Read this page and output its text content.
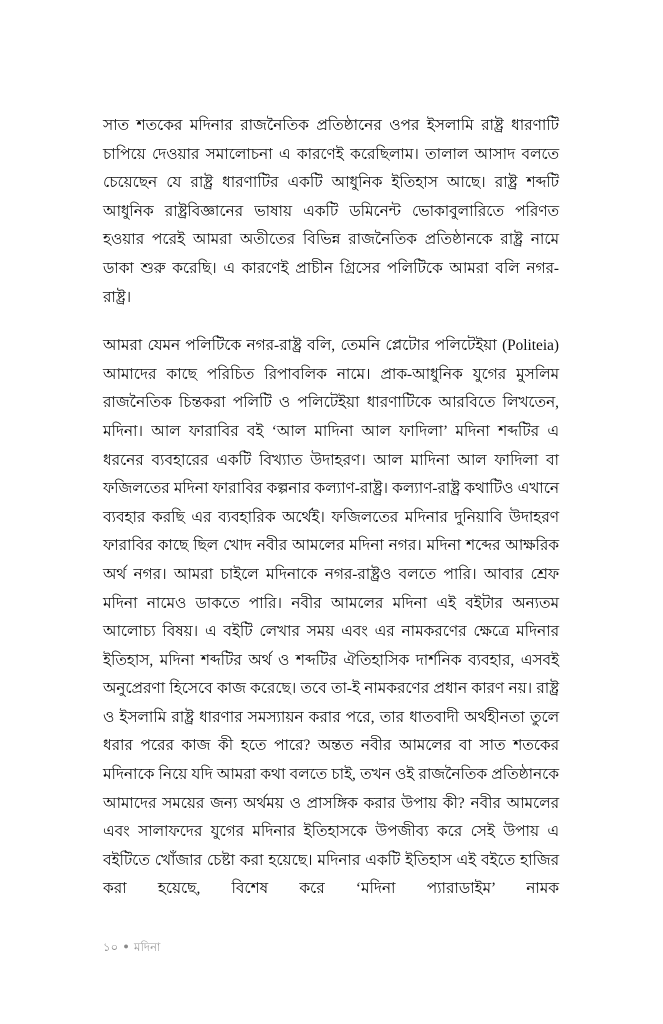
সাত শতকের মদিনার রাজনৈতিক প্রতিষ্ঠানের ওপর ইসলামি রাষ্ট্র ধারণাটি চাপিয়ে দেওয়ার সমালোচনা এ কারণেই করেছিলাম। তালাল আসাদ বলতে চেয়েছেন যে রাষ্ট্র ধারণাটির একটি আধুনিক ইতিহাস আছে। রাষ্ট্র শব্দটি আধুনিক রাষ্ট্রবিজ্ঞানের ভাষায় একটি ডমিনেন্ট ভোকাবুলারিতে পরিণত হওয়ার পরেই আমরা অতীতের বিভিন্ন রাজনৈতিক প্রতিষ্ঠানকে রাষ্ট্র নামে ডাকা শুরু করেছি। এ কারণেই প্রাচীন গ্রিসের পলিটিকে আমরা বলি নগর-রাষ্ট্র।

আমরা যেমন পলিটিকে নগর-রাষ্ট্র বলি, তেমনি প্লেটোর পলিটেইয়া (Politeia) আমাদের কাছে পরিচিত রিপাবলিক নামে। প্রাক-আধুনিক যুগের মুসলিম রাজনৈতিক চিন্তকরা পলিটি ও পলিটেইয়া ধারণাটিকে আরবিতে লিখতেন, মদিনা। আল ফারাবির বই ‘আল মাদিনা আল ফাদিলা’ মদিনা শব্দটির এ ধরনের ব্যবহারের একটি বিখ্যাত উদাহরণ। আল মাদিনা আল ফাদিলা বা ফজিলতের মদিনা ফারাবির কল্পনার কল্যাণ-রাষ্ট্র। কল্যাণ-রাষ্ট্র কথাটিও এখানে ব্যবহার করছি এর ব্যবহারিক অর্থেই। ফজিলতের মদিনার দুনিয়াবি উদাহরণ ফারাবির কাছে ছিল খোদ নবীর আমলের মদিনা নগর। মদিনা শব্দের আক্ষরিক অর্থ নগর। আমরা চাইলে মদিনাকে নগর-রাষ্ট্রও বলতে পারি। আবার শ্রেফ মদিনা নামেও ডাকতে পারি। নবীর আমলের মদিনা এই বইটার অন্যতম আলোচ্য বিষয়। এ বইটি লেখার সময় এবং এর নামকরণের ক্ষেত্রে মদিনার ইতিহাস, মদিনা শব্দটির অর্থ ও শব্দটির ঐতিহাসিক দার্শনিক ব্যবহার, এসবই অনুপ্রেরণা হিসেবে কাজ করেছে। তবে তা-ই নামকরণের প্রধান কারণ নয়। রাষ্ট্র ও ইসলামি রাষ্ট্র ধারণার সমস্যায়ন করার পরে, তার ধাতবাদী অর্থহীনতা তুলে ধরার পরের কাজ কী হতে পারে? অন্তত নবীর আমলের বা সাত শতকের মদিনাকে নিয়ে যদি আমরা কথা বলতে চাই, তখন ওই রাজনৈতিক প্রতিষ্ঠানকে আমাদের সময়ের জন্য অর্থময় ও প্রাসঙ্গিক করার উপায় কী? নবীর আমলের এবং সালাফদের যুগের মদিনার ইতিহাসকে উপজীব্য করে সেই উপায় এ বইটিতে খোঁজার চেষ্টা করা হয়েছে। মদিনার একটি ইতিহাস এই বইতে হাজির করা হয়েছে, বিশেষ করে ‘মদিনা প্যারাডাইম’ নামক

১০ ● মদিনা
